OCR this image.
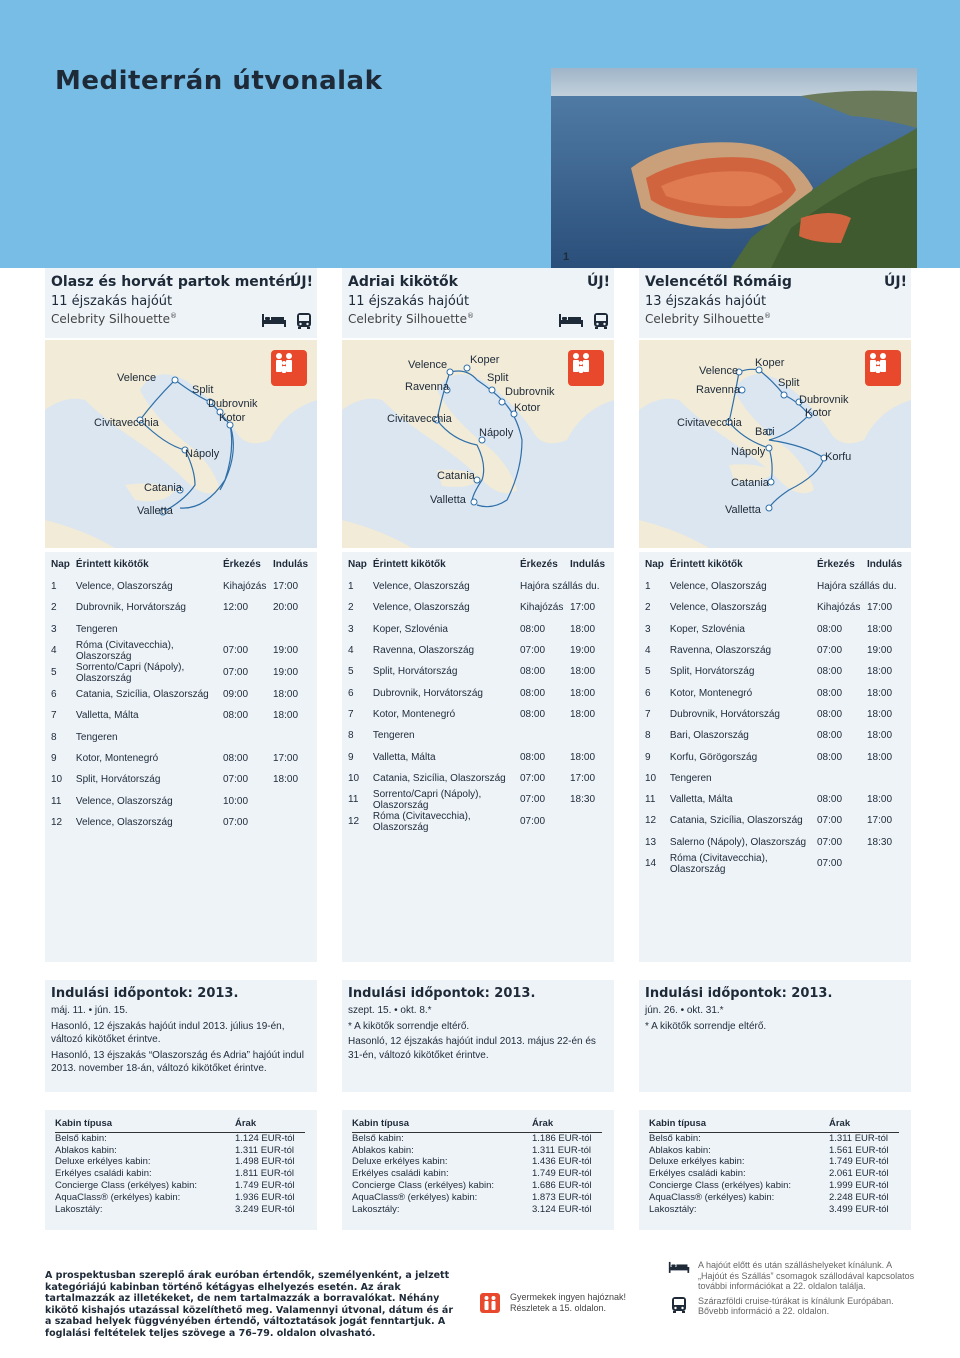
Mediterrán útvonalak
1
Olasz és horvát partok mentén
ÚJ!
11 éjszakás hajóút
Celebrity Silhouette®
Velence
Split
Dubrovnik
Kotor
Civitavecchia
Nápoly
Catania
Valletta
Nap	Érintett kikötők	Érkezés	Indulás
1	Velence, Olaszország	Kihajózás	17:00
2	Dubrovnik, Horvátország	12:00	20:00
3	Tengeren		
4	Róma (Civitavecchia), Olaszország	07:00	19:00
5	Sorrento/Capri (Nápoly), Olaszország	07:00	19:00
6	Catania, Szicília, Olaszország	09:00	18:00
7	Valletta, Málta	08:00	18:00
8	Tengeren		
9	Kotor, Montenegró	08:00	17:00
10	Split, Horvátország	07:00	18:00
11	Velence, Olaszország	10:00	
12	Velence, Olaszország	07:00	
Indulási időpontok: 2013.

máj. 11. • jún. 15.

Hasonló, 12 éjszakás hajóút indul 2013. július 19-én, változó kikötőket érintve.

Hasonló, 13 éjszakás “Olaszország és Adria” hajóút indul 2013. november 18-án, változó kikötőket érintve.

Kabin típusa	Árak
Belső kabin:	1.124 EUR-tól
Ablakos kabin:	1.311 EUR-tól
Deluxe erkélyes kabin:	1.498 EUR-tól
Erkélyes családi kabin:	1.811 EUR-tól
Concierge Class (erkélyes) kabin:	1.749 EUR-tól
AquaClass® (erkélyes) kabin:	1.936 EUR-tól
Lakosztály:	3.249 EUR-tól
Adriai kikötők	ÚJ!
11 éjszakás hajóút
Celebrity Silhouette®
Velence Koper
Ravenna
Split
Dubrovnik
Kotor
Civitavecchia
Nápoly
Catania
Valletta
Nap	Érintett kikötők	Érkezés	Indulás
1	Velence, Olaszország	Hajóra szállás du.	
2	Velence, Olaszország	Kihajózás	17:00
3	Koper, Szlovénia	08:00	18:00
4	Ravenna, Olaszország	07:00	19:00
5	Split, Horvátország	08:00	18:00
6	Dubrovnik, Horvátország	08:00	18:00
7	Kotor, Montenegró	08:00	18:00
8	Tengeren		
9	Valletta, Málta	08:00	18:00
10	Catania, Szicília, Olaszország	07:00	17:00
11	Sorrento/Capri (Nápoly), Olaszország	07:00	18:30
12	Róma (Civitavecchia), Olaszország	07:00	
Indulási időpontok: 2013.

szept. 15. • okt. 8.*

* A kikötők sorrendje eltérő.

Hasonló, 12 éjszakás hajóút indul 2013. május 22-én és 31-én, változó kikötőket érintve.

Kabin típusa	Árak
Belső kabin:	1.186 EUR-tól
Ablakos kabin:	1.311 EUR-tól
Deluxe erkélyes kabin:	1.436 EUR-tól
Erkélyes családi kabin:	1.749 EUR-tól
Concierge Class (erkélyes) kabin:	1.686 EUR-tól
AquaClass® (erkélyes) kabin:	1.873 EUR-tól
Lakosztály:	3.124 EUR-tól
Velencétől Rómáig	ÚJ!
13 éjszakás hajóút
Celebrity Silhouette®
Velence
Koper
Ravenna
Split
Dubrovnik
Kotor
Civitavecchia
Bari
Nápoly	Korfu
Catania
Valletta
Nap	Érintett kikötők	Érkezés	Indulás
1	Velence, Olaszország	Hajóra szállás du.	
2	Velence, Olaszország	Kihajózás	17:00
3	Koper, Szlovénia	08:00	18:00
4	Ravenna, Olaszország	07:00	19:00
5	Split, Horvátország	08:00	18:00
6	Kotor, Montenegró	08:00	18:00
7	Dubrovnik, Horvátország	08:00	18:00
8	Bari, Olaszország	08:00	18:00
9	Korfu, Görögország	08:00	18:00
10	Tengeren		
11	Valletta, Málta	08:00	18:00
12	Catania, Szicília, Olaszország	07:00	17:00
13	Salerno (Nápoly), Olaszország	07:00	18:30
14	Róma (Civitavecchia), Olaszország	07:00	
Indulási időpontok: 2013.

jún. 26. • okt. 31.*

* A kikötők sorrendje eltérő.

Kabin típusa	Árak
Belső kabin:	1.311 EUR-tól
Ablakos kabin:	1.561 EUR-tól
Deluxe erkélyes kabin:	1.749 EUR-tól
Erkélyes családi kabin:	2.061 EUR-tól
Concierge Class (erkélyes) kabin:	1.999 EUR-tól
AquaClass® (erkélyes) kabin:	2.248 EUR-tól
Lakosztály:	3.499 EUR-tól

A prospektusban szereplő árak euróban értendők, személyenként, a jelzett kategóriájú kabinban történő kétágyas elhelyezés esetén. Az árak tartalmazzák az illetékeket, de nem tartalmazzák a borravalókat. Néhány kikötő kishajós utazással közelíthető meg. Valamennyi útvonal, dátum és ár a szabad helyek függvényében értendő, változtatások jogát fenntartjuk. A foglalási feltételek teljes szövege a 76–79. oldalon olvasható.

Gyermekek ingyen hajóznak!
Részletek a 15. oldalon.
A hajóút előtt és után szálláshelyeket kínálunk. A „Hajóút és Szállás” csomagok szállodával kapcsolatos további információkat a 22. oldalon találja.
Szárazföldi cruise-túrákat is kínálunk Európában. Bővebb információ a 22. oldalon.
